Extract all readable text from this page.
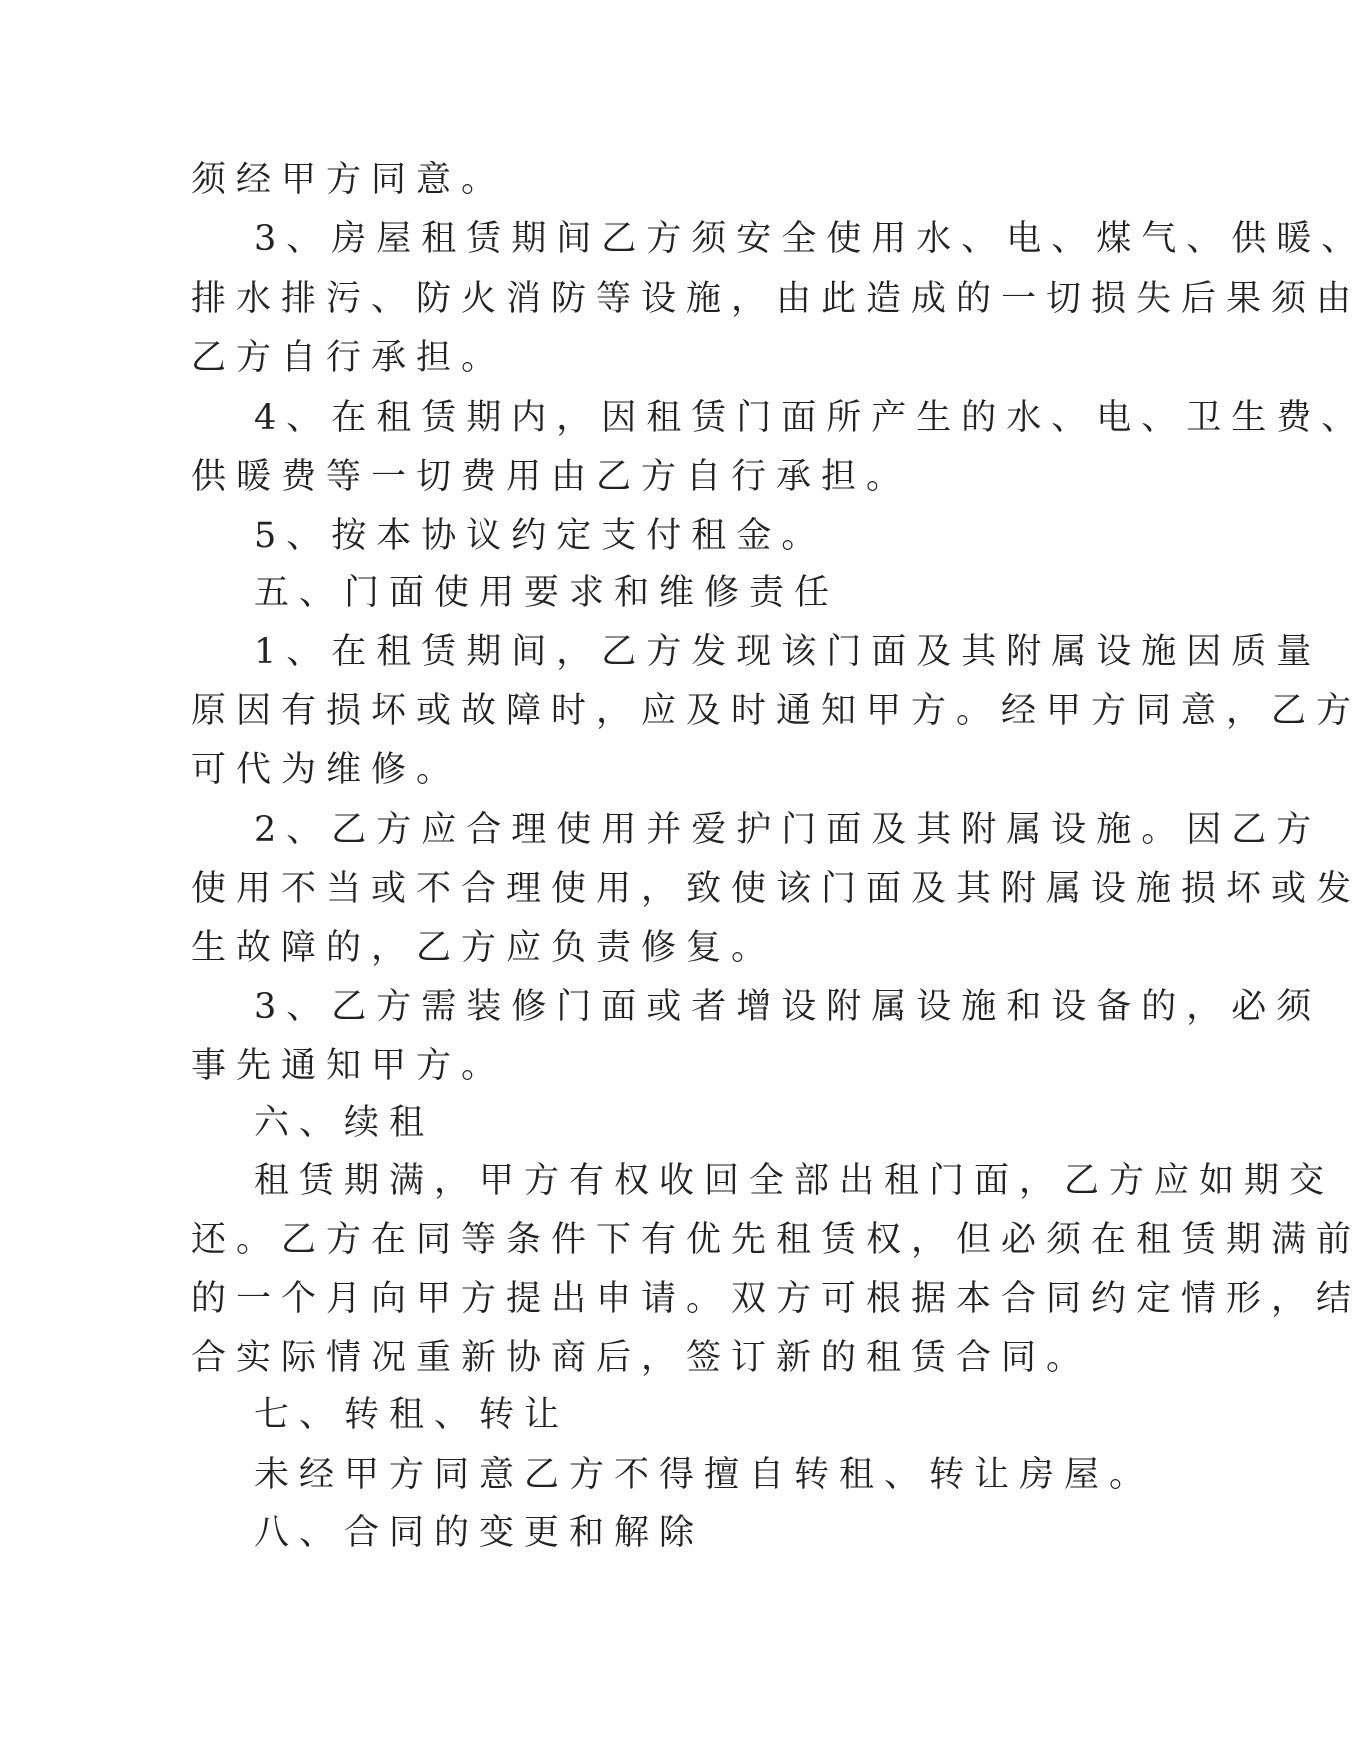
须经甲方同意。

3、房屋租赁期间乙方须安全使用水、电、煤气、供暖、

排水排污、防火消防等设施，由此造成的一切损失后果须由

乙方自行承担。

4、在租赁期内，因租赁门面所产生的水、电、卫生费、

供暖费等一切费用由乙方自行承担。

5、按本协议约定支付租金。

五、门面使用要求和维修责任

1、在租赁期间，乙方发现该门面及其附属设施因质量

原因有损坏或故障时，应及时通知甲方。经甲方同意，乙方

可代为维修。

2、乙方应合理使用并爱护门面及其附属设施。因乙方

使用不当或不合理使用，致使该门面及其附属设施损坏或发

生故障的，乙方应负责修复。

3、乙方需装修门面或者增设附属设施和设备的，必须

事先通知甲方。

六、续租

租赁期满，甲方有权收回全部出租门面，乙方应如期交

还。乙方在同等条件下有优先租赁权，但必须在租赁期满前

的一个月向甲方提出申请。双方可根据本合同约定情形，结

合实际情况重新协商后，签订新的租赁合同。

七、转租、转让

未经甲方同意乙方不得擅自转租、转让房屋。

八、合同的变更和解除
